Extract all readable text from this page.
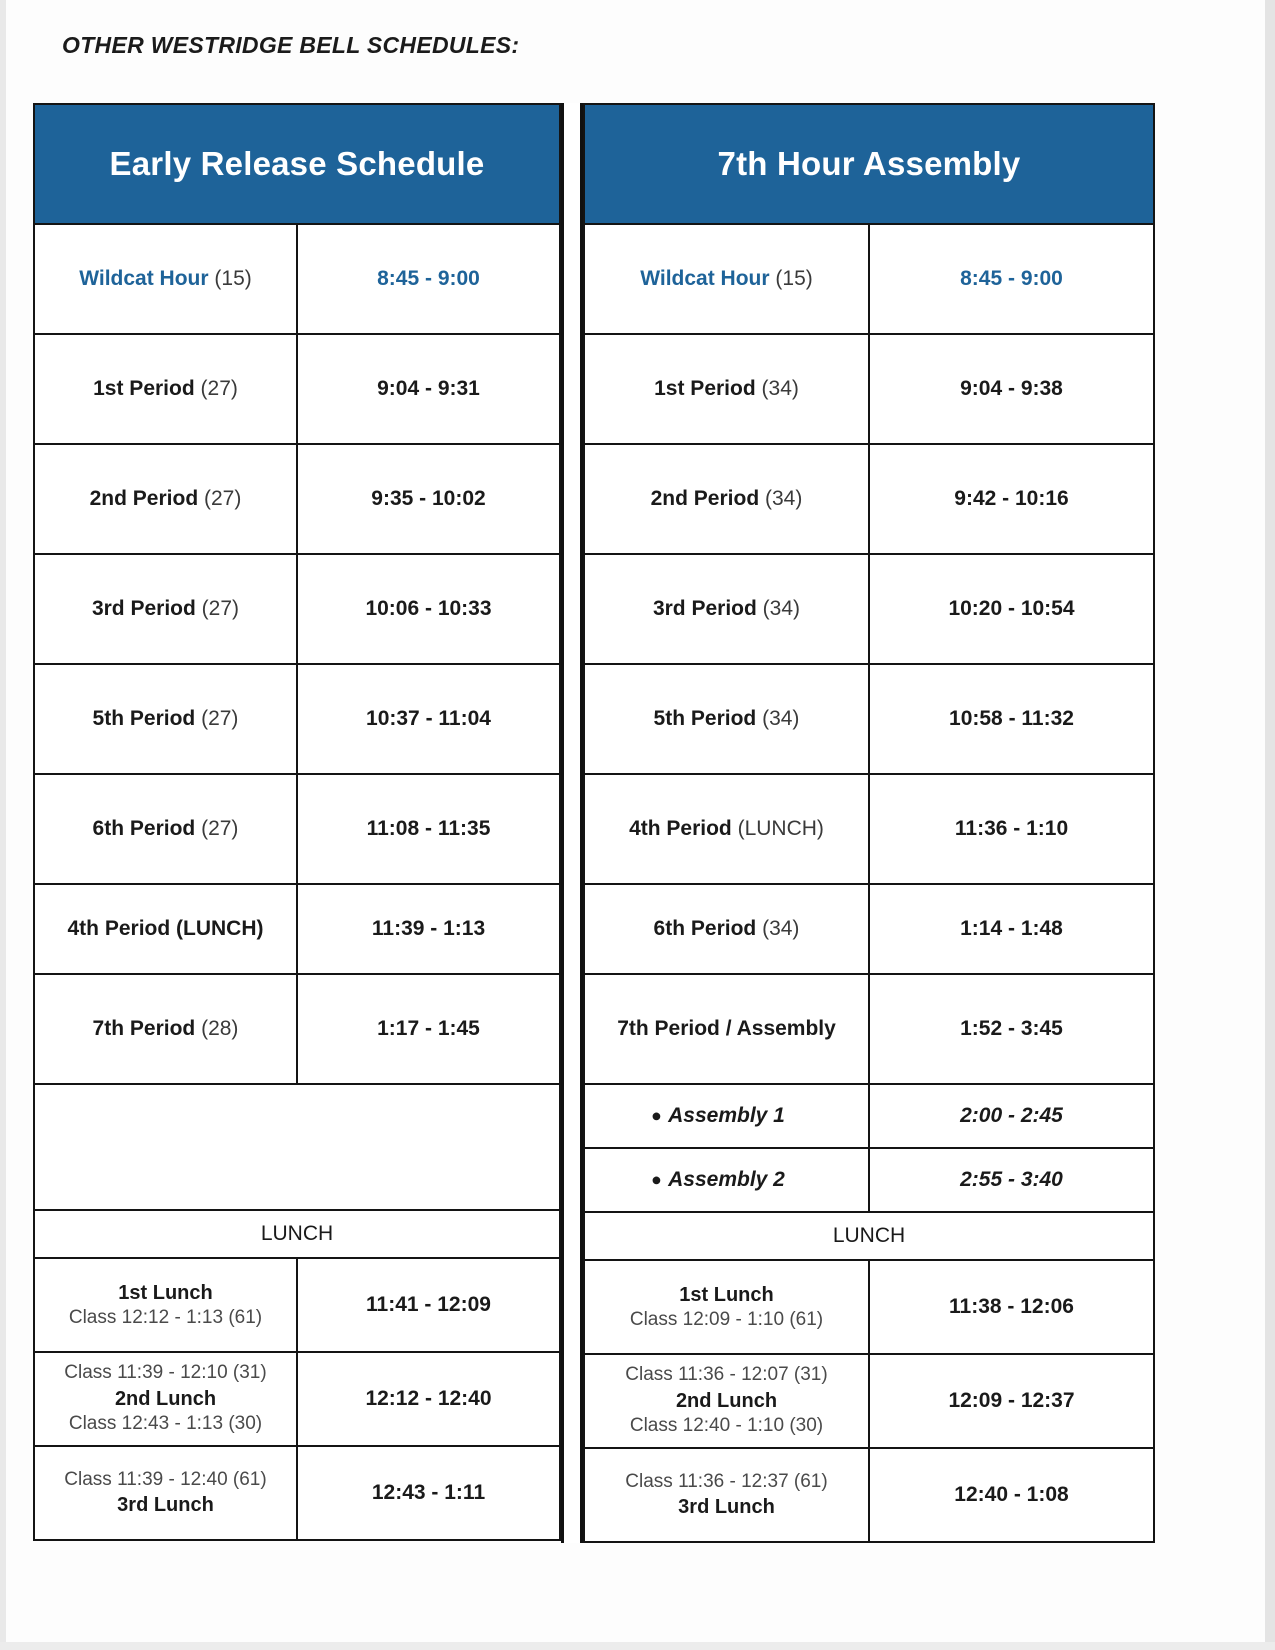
OTHER WESTRIDGE BELL SCHEDULES:
Early Release Schedule	
Wildcat Hour (15)	8:45 - 9:00
1st Period (27)	9:04 - 9:31
2nd Period (27)	9:35 - 10:02
3rd Period (27)	10:06 - 10:33
5th Period (27)	10:37 - 11:04
6th Period (27)	11:08 - 11:35
4th Period (LUNCH)	11:39 - 1:13
7th Period (28)	1:17 - 1:45

LUNCH	

1st Lunch
Class 12:12 - 1:13 (61)	11:41 - 12:09

Class 11:39 - 12:10 (31)
2nd Lunch
Class 12:43 - 1:13 (30)	12:12 - 12:40

Class 11:39 - 12:40 (61)
3rd Lunch	12:43 - 1:11
7th Hour Assembly	
Wildcat Hour (15)	8:45 - 9:00
1st Period (34)	9:04 - 9:38
2nd Period (34)	9:42 - 10:16
3rd Period (34)	10:20 - 10:54
5th Period (34)	10:58 - 11:32
4th Period (LUNCH)	11:36 - 1:10
6th Period (34)	1:14 - 1:48
7th Period / Assembly	1:52 - 3:45

● Assembly 1	2:00 - 2:45

● Assembly 2	2:55 - 3:40
LUNCH	

1st Lunch
Class 12:09 - 1:10 (61)	11:38 - 12:06

Class 11:36 - 12:07 (31)
2nd Lunch
Class 12:40 - 1:10 (30)	12:09 - 12:37

Class 11:36 - 12:37 (61)
3rd Lunch	12:40 - 1:08
